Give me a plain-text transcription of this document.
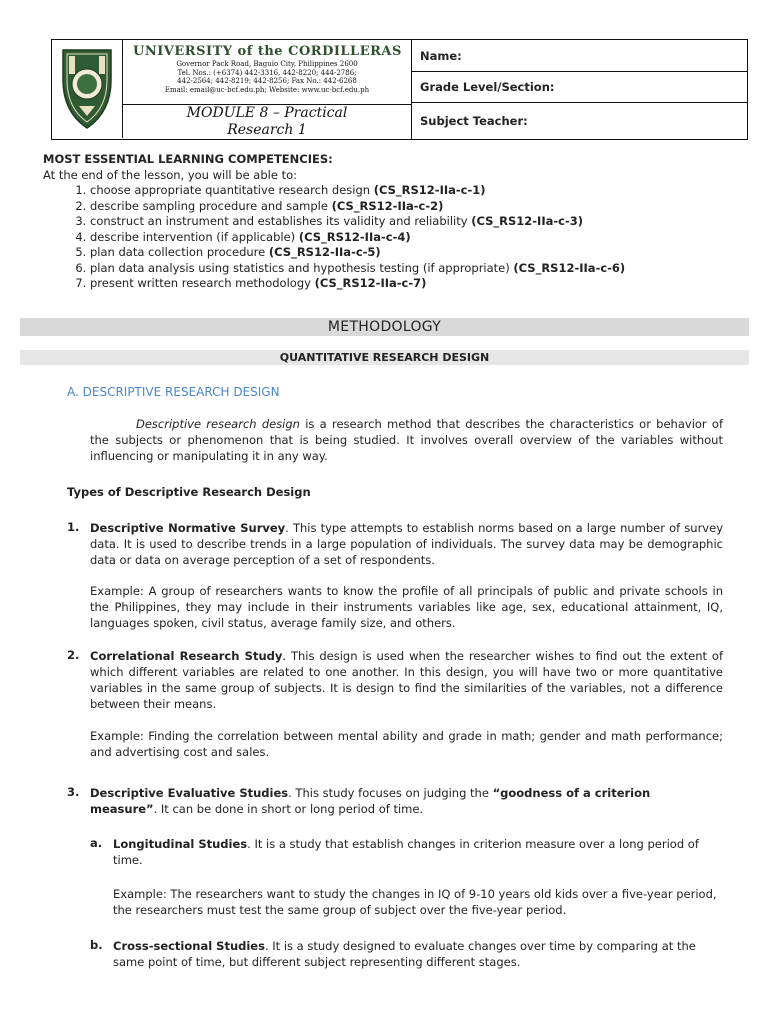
UNIVERSITY of the CORDILLERAS
Governor Pack Road, Baguio City, Philippines 2600
Tel. Nos.: (+6374) 442-3316, 442-8220; 444-2786;
442-2564; 442-8219; 442-8256; Fax No.: 442-6268
Email: email@uc-bcf.edu.ph; Website: www.uc-bcf.edu.ph
MODULE 8 – Practical
Research 1
Name:
Grade Level/Section:
Subject Teacher:
MOST ESSENTIAL LEARNING COMPETENCIES:
At the end of the lesson, you will be able to:
1. choose appropriate quantitative research design (CS_RS12-IIa-c-1)
2. describe sampling procedure and sample (CS_RS12-IIa-c-2)
3. construct an instrument and establishes its validity and reliability (CS_RS12-IIa-c-3)
4. describe intervention (if applicable) (CS_RS12-IIa-c-4)
5. plan data collection procedure (CS_RS12-IIa-c-5)
6. plan data analysis using statistics and hypothesis testing (if appropriate) (CS_RS12-IIa-c-6)
7. present written research methodology (CS_RS12-IIa-c-7)
METHODOLOGY
QUANTITATIVE RESEARCH DESIGN
A. DESCRIPTIVE RESEARCH DESIGN
Descriptive research design is a research method that describes the characteristics or behavior of the subjects or phenomenon that is being studied. It involves overall overview of the variables without influencing or manipulating it in any way.
Types of Descriptive Research Design
1. Descriptive Normative Survey. This type attempts to establish norms based on a large number of survey data. It is used to describe trends in a large population of individuals. The survey data may be demographic data or data on average perception of a set of respondents.
Example: A group of researchers wants to know the profile of all principals of public and private schools in the Philippines, they may include in their instruments variables like age, sex, educational attainment, IQ, languages spoken, civil status, average family size, and others.
2. Correlational Research Study. This design is used when the researcher wishes to find out the extent of which different variables are related to one another. In this design, you will have two or more quantitative variables in the same group of subjects. It is design to find the similarities of the variables, not a difference between their means.
Example: Finding the correlation between mental ability and grade in math; gender and math performance; and advertising cost and sales.
3. Descriptive Evaluative Studies. This study focuses on judging the “goodness of a criterion measure”. It can be done in short or long period of time.
a. Longitudinal Studies. It is a study that establish changes in criterion measure over a long period of time.
Example: The researchers want to study the changes in IQ of 9-10 years old kids over a five-year period, the researchers must test the same group of subject over the five-year period.
b. Cross-sectional Studies. It is a study designed to evaluate changes over time by comparing at the same point of time, but different subject representing different stages.
